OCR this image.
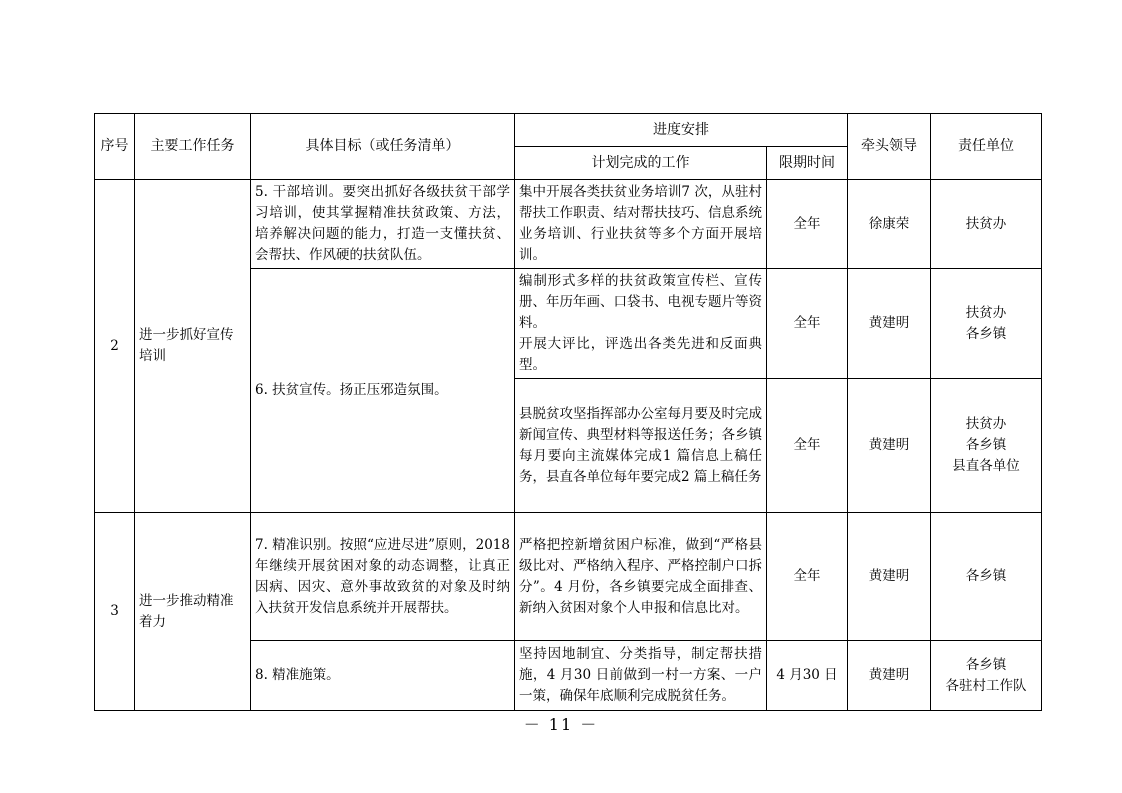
序号	主要工作任务	具体目标（或任务清单）	进度安排		牵头领导	责任单位
			计划完成的工作	限期时间		
2	进一步抓好宣传培训	5. 干部培训。要突出抓好各级扶贫干部学习培训，使其掌握精准扶贫政策、方法，培养解决问题的能力，打造一支懂扶贫、会帮扶、作风硬的扶贫队伍。	集中开展各类扶贫业务培训7 次，从驻村帮扶工作职责、结对帮扶技巧、信息系统业务培训、行业扶贫等多个方面开展培训。	全年	徐康荣	扶贫办

		6. 扶贫宣传。扬正压邪造氛围。	编制形式多样的扶贫政策宣传栏、宣传册、年历年画、口袋书、电视专题片等资料。
开展大评比，评选出各类先进和反面典型。	全年	黄建明	扶贫办
各乡镇

			县脱贫攻坚指挥部办公室每月要及时完成新闻宣传、典型材料等报送任务；各乡镇每月要向主流媒体完成1 篇信息上稿任务，县直各单位每年要完成2 篇上稿任务	全年	黄建明	扶贫办
各乡镇
县直各单位

3	进一步推动精准着力	7. 精准识别。按照“应进尽进”原则，2018 年继续开展贫困对象的动态调整，让真正因病、因灾、意外事故致贫的对象及时纳入扶贫开发信息系统并开展帮扶。	严格把控新增贫困户标准，做到“严格县级比对、严格纳入程序、严格控制户口拆分”。4 月份，各乡镇要完成全面排查、新纳入贫困对象个人申报和信息比对。	全年	黄建明	各乡镇

		8. 精准施策。	坚持因地制宜、分类指导，制定帮扶措施，4 月30 日前做到一村一方案、一户一策，确保年底顺利完成脱贫任务。	4 月30 日	黄建明	各乡镇
各驻村工作队
－ 11 －
